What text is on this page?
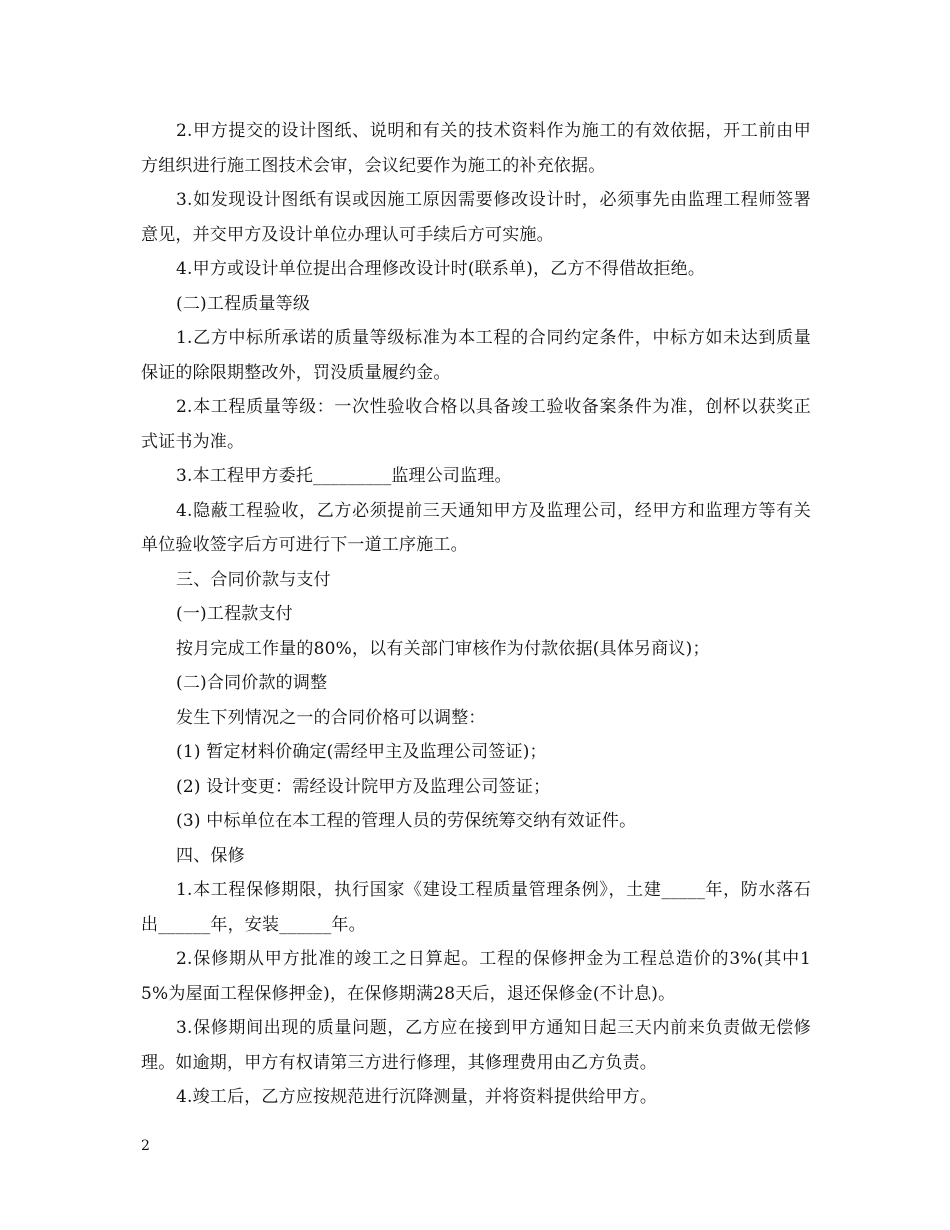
2.甲方提交的设计图纸、说明和有关的技术资料作为施工的有效依据，开工前由甲方组织进行施工图技术会审，会议纪要作为施工的补充依据。

3.如发现设计图纸有误或因施工原因需要修改设计时，必须事先由监理工程师签署意见，并交甲方及设计单位办理认可手续后方可实施。

4.甲方或设计单位提出合理修改设计时(联系单)，乙方不得借故拒绝。

(二)工程质量等级

1.乙方中标所承诺的质量等级标准为本工程的合同约定条件，中标方如未达到质量保证的除限期整改外，罚没质量履约金。

2.本工程质量等级：一次性验收合格以具备竣工验收备案条件为准，创杯以获奖正式证书为准。

3.本工程甲方委托_________监理公司监理。

4.隐蔽工程验收，乙方必须提前三天通知甲方及监理公司，经甲方和监理方等有关单位验收签字后方可进行下一道工序施工。

三、合同价款与支付

(一)工程款支付

按月完成工作量的80%，以有关部门审核作为付款依据(具体另商议)；

(二)合同价款的调整

发生下列情况之一的合同价格可以调整：

(1) 暂定材料价确定(需经甲主及监理公司签证)；

(2) 设计变更：需经设计院甲方及监理公司签证；

(3) 中标单位在本工程的管理人员的劳保统筹交纳有效证件。

四、保修

1.本工程保修期限，执行国家《建设工程质量管理条例》，土建_____年，防水落石出______年，安装______年。

2.保修期从甲方批准的竣工之日算起。工程的保修押金为工程总造价的3%(其中15%为屋面工程保修押金)，在保修期满28天后，退还保修金(不计息)。

3.保修期间出现的质量问题，乙方应在接到甲方通知日起三天内前来负责做无偿修理。如逾期，甲方有权请第三方进行修理，其修理费用由乙方负责。

4.竣工后，乙方应按规范进行沉降测量，并将资料提供给甲方。

2
